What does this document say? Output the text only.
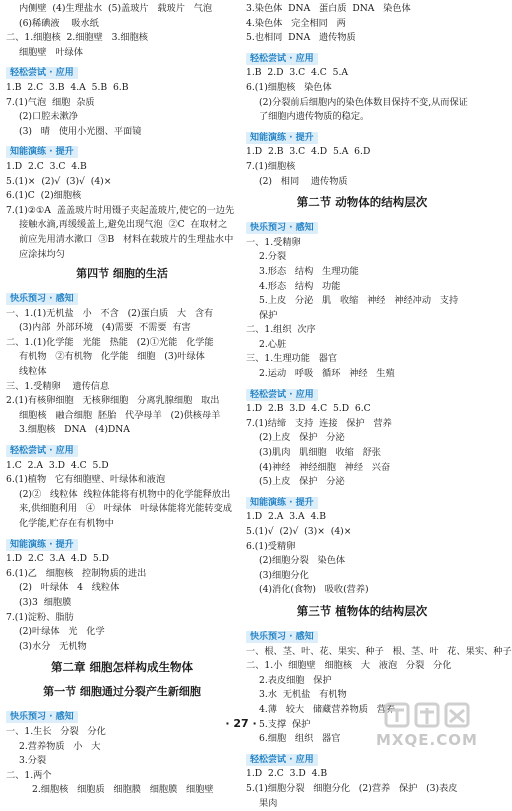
内侧壁  (4)生理盐水  (5)盖玻片   载玻片   气泡
(6)稀碘液    吸水纸
二、1.细胞核  2.细胞壁   3.细胞核
细胞壁   叶绿体
轻松尝试 · 应用
1.B  2.C  3.B  4.A  5.B  6.B
7.(1)气泡  细胞  杂质
(2)口腔未漱净
(3)   晴   使用小光圈、平面镜
知能演练 · 提升
1.D  2.C  3.C  4.B
5.(1)×  (2)√  (3)√  (4)×
6.(1)C  (2)细胞核
7.(1)②①A  盖盖玻片时用镊子夹起盖玻片,使它的一边先
接触水滴,再缓缓盖上,避免出现气泡  ②C  在取材之
前应先用清水漱口  ③B   材料在载玻片的生理盐水中
应涂抹均匀
第四节 细胞的生活
快乐预习 · 感知
一、1.(1)无机盐   小   不含   (2)蛋白质   大   含有
(3)内部  外部环境   (4)需要  不需要  有害
二、1.(1)化学能   光能   热能   (2)①光能   化学能
有机物   ②有机物   化学能   细胞   (3)叶绿体
线粒体
三、1.受精卵    遗传信息
2.(1)有核卵细胞   无核卵细胞   分离乳腺细胞   取出
细胞核   融合细胞  胚胎   代孕母羊   (2)供核母羊
3.细胞核   DNA   (4)DNA
轻松尝试 · 应用
1.C  2.A  3.D  4.C  5.D
6.(1)植物   它有细胞壁、叶绿体和液泡
(2)②   线粒体  线粒体能将有机物中的化学能释放出
来,供细胞利用   ④   叶绿体   叶绿体能将光能转变成
化学能,贮存在有机物中
知能演练 · 提升
1.D  2.C  3.A  4.D  5.D
6.(1)乙   细胞核   控制物质的进出
(2)   叶绿体   4   线粒体
(3)3  细胞膜
7.(1)淀粉、脂肪
(2)叶绿体   光   化学
(3)水分   无机物
第二章 细胞怎样构成生物体
第一节 细胞通过分裂产生新细胞
快乐预习 · 感知
一、1.生长   分裂   分化
2.营养物质   小   大
3.分裂
二、1.两个
2.细胞核   细胞质   细胞膜   细胞膜   细胞壁
3.染色体  DNA   蛋白质  DNA   染色体
4.染色体   完全相同   两
5.也相同  DNA   遗传物质
轻松尝试 · 应用
1.B  2.D  3.C  4.C  5.A
6.(1)细胞核   染色体
(2)分裂前后细胞内的染色体数目保持不变,从而保证
了细胞内遗传物质的稳定。
知能演练 · 提升
1.D  2.B  3.C  4.D  5.A  6.D
7.(1)细胞核
(2)   相同    遗传物质
第二节 动物体的结构层次
快乐预习 · 感知
一、1.受精卵
2.分裂
3.形态   结构   生理功能
4.形态   结构   功能
5.上皮   分泌   肌   收缩   神经   神经冲动   支持
保护
二、1.组织  次序
2.心脏
三、1.生理功能   器官
2.运动   呼吸   循环   神经   生殖
轻松尝试 · 应用
1.D  2.B  3.D  4.C  5.D  6.C
7.(1)结缔   支持  连接   保护   营养
(2)上皮   保护   分泌
(3)肌肉   肌细胞   收缩   舒张
(4)神经   神经细胞   神经   兴奋
(5)上皮   保护   分泌
知能演练 · 提升
1.D  2.A  3.A  4.B
5.(1)√  (2)√  (3)×  (4)×
6.(1)受精卵
(2)细胞分裂   染色体
(3)细胞分化
(4)消化(食物)   吸收(营养)
第三节 植物体的结构层次
快乐预习 · 感知
一、根、茎、叶、花、果实、种子   根、茎、叶   花、果实、种子
二、1.小  细胞壁   细胞核   大   液泡   分裂   分化
2.表皮细胞   保护
3.水  无机盐   有机物
4.薄   较大   储藏营养物质   营养
5.支撑  保护
6.细胞   组织   器官
轻松尝试 · 应用
1.D  2.C  3.D  4.B
5.(1)细胞分裂   细胞分化   (2)营养   保护   (3)表皮
果肉
· 27 ·
MXQE.COM
